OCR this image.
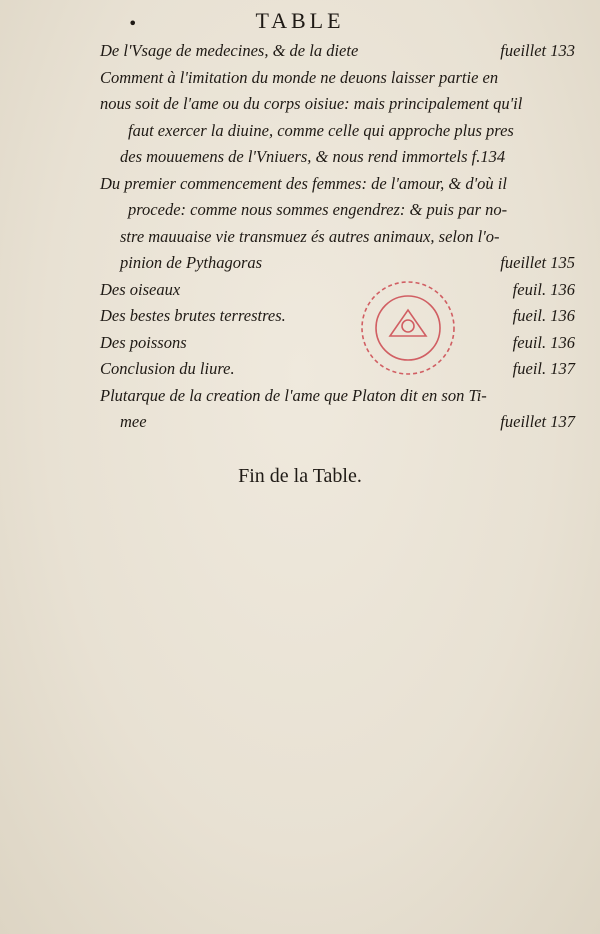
•	TABLE
De l'Vsage de medecines, & de la diete	fueillet 133
Comment à l'imitation du monde ne deuons laisser partie en
nous soit de l'ame ou du corps oisiue: mais principalement qu'il
faut exercer la diuine, comme celle qui approche plus pres
des mouuemens de l'Vniuers, & nous rend immortels f.134
Du premier commencement des femmes: de l'amour, & d'où il
procede: comme nous sommes engendrez: & puis par no-
stre mauuaise vie transmuez és autres animaux, selon l'o-
pinion de Pythagoras	fueillet 135
Des oiseaux	feuil. 136
Des bestes brutes terrestres.	fueil. 136
Des poissons	feuil. 136
Conclusion du liure.	fueil. 137
Plutarque de la creation de l'ame que Platon dit en son Ti-
mee	fueillet 137
Fin de la Table.
